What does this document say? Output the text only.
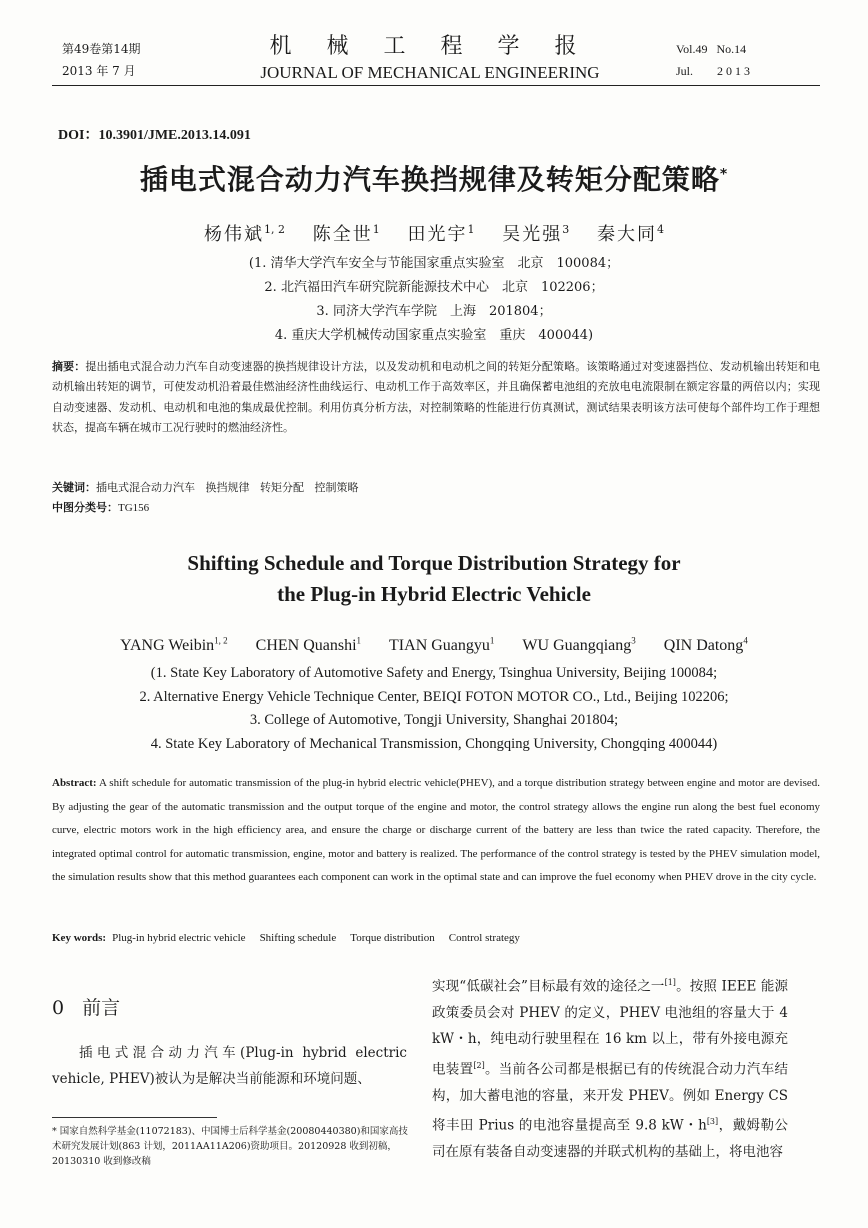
第49卷第14期
2013 年 7 月
机 械 工 程 学 报
JOURNAL OF MECHANICAL ENGINEERING
Vol.49 No.14
Jul. 2013
DOI：10.3901/JME.2013.14.091
插电式混合动力汽车换挡规律及转矩分配策略*
杨伟斌$^{1, 2}$ 陈全世$^1$ 田光宇$^1$ 吴光强$^3$ 秦大同$^4$
(1. 清华大学汽车安全与节能国家重点实验室　北京　100084；
2. 北汽福田汽车研究院新能源技术中心　北京　102206；
3. 同济大学汽车学院　上海　201804；
4. 重庆大学机械传动国家重点实验室　重庆　400044)
摘要：提出插电式混合动力汽车自动变速器的换挡规律设计方法，以及发动机和电动机之间的转矩分配策略。该策略通过对变速器挡位、发动机输出转矩和电动机输出转矩的调节，可使发动机沿着最佳燃油经济性曲线运行、电动机工作于高效率区，并且确保蓄电池组的充放电电流限制在额定容量的两倍以内；实现自动变速器、发动机、电动机和电池的集成最优控制。利用仿真分析方法，对控制策略的性能进行仿真测试，测试结果表明该方法可使每个部件均工作于理想状态，提高车辆在城市工况行驶时的燃油经济性。
关键词：插电式混合动力汽车 换挡规律 转矩分配 控制策略
中图分类号：TG156
Shifting Schedule and Torque Distribution Strategy for
the Plug-in Hybrid Electric Vehicle
YANG Weibin$^{1, 2}$ CHEN Quanshi$^1$ TIAN Guangyu$^1$ WU Guangqiang$^3$ QIN Datong$^4$
(1. State Key Laboratory of Automotive Safety and Energy, Tsinghua University, Beijing 100084;
2. Alternative Energy Vehicle Technique Center, BEIQI FOTON MOTOR CO., Ltd., Beijing 102206;
3. College of Automotive, Tongji University, Shanghai 201804;
4. State Key Laboratory of Mechanical Transmission, Chongqing University, Chongqing 400044)
Abstract: A shift schedule for automatic transmission of the plug-in hybrid electric vehicle(PHEV), and a torque distribution strategy between engine and motor are devised. By adjusting the gear of the automatic transmission and the output torque of the engine and motor, the control strategy allows the engine run along the best fuel economy curve, electric motors work in the high efficiency area, and ensure the charge or discharge current of the battery are less than twice the rated capacity. Therefore, the integrated optimal control for automatic transmission, engine, motor and battery is realized. The performance of the control strategy is tested by the PHEV simulation model, the simulation results show that this method guarantees each component can work in the optimal state and can improve the fuel economy when PHEV drove in the city cycle.
Key words: Plug-in hybrid electric vehicle Shifting schedule Torque distribution Control strategy
0 前言
插电式混合动力汽车(Plug-in hybrid electric vehicle, PHEV)被认为是解决当前能源和环境问题、
* 国家自然科学基金(11072183)、中国博士后科学基金(20080440380)和国家高技术研究发展计划(863 计划，2011AA11A206)资助项目。20120928 收到初稿，20130310 收到修改稿
实现“低碳社会”目标最有效的途径之一[1]。按照 IEEE 能源政策委员会对 PHEV 的定义，PHEV 电池组的容量大于 4 kW・h，纯电动行驶里程在 16 km 以上，带有外接电源充电装置[2]。当前各公司都是根据已有的传统混合动力汽车结构，加大蓄电池的容量，来开发 PHEV。例如 Energy CS 将丰田 Prius 的电池容量提高至 9.8 kW・h[3]，戴姆勒公司在原有装备自动变速器的并联式机构的基础上，将电池容
